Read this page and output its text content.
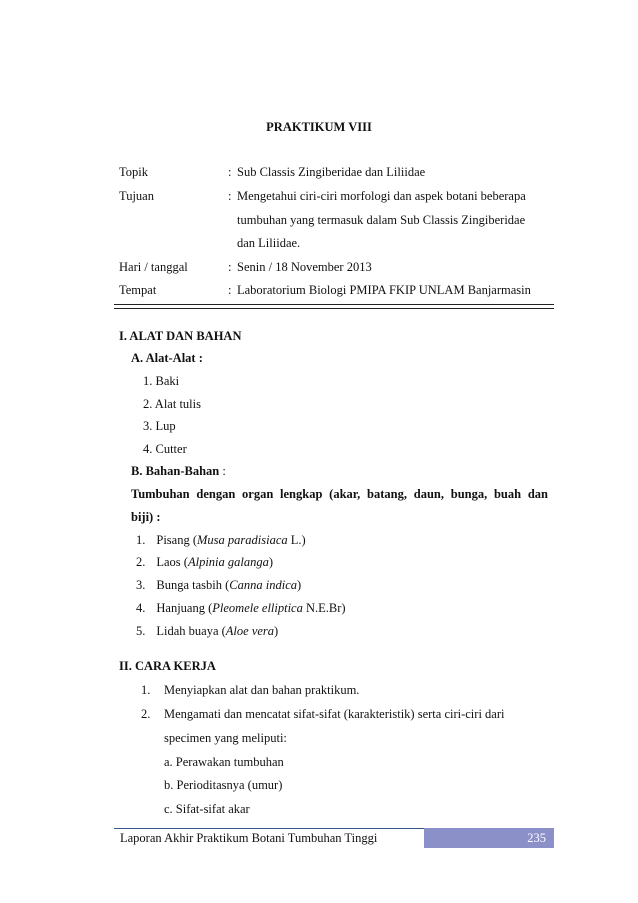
PRAKTIKUM VIII
Topik	: Sub Classis Zingiberidae dan Liliidae
Tujuan	: Mengetahui ciri-ciri morfologi dan aspek botani beberapa
tumbuhan yang termasuk dalam Sub Classis Zingiberidae
dan Liliidae.
Hari / tanggal	: Senin / 18 November 2013
Tempat	: Laboratorium Biologi PMIPA FKIP UNLAM Banjarmasin
I. ALAT DAN BAHAN
A. Alat-Alat :
1. Baki
2. Alat tulis
3. Lup
4. Cutter
B. Bahan-Bahan :
Tumbuhan dengan organ lengkap (akar, batang, daun, bunga, buah dan
biji) :
1. Pisang (Musa paradisiaca L.)
2. Laos (Alpinia galanga)
3. Bunga tasbih (Canna indica)
4. Hanjuang (Pleomele elliptica N.E.Br)
5. Lidah buaya (Aloe vera)
II. CARA KERJA
1. Menyiapkan alat dan bahan praktikum.
2. Mengamati dan mencatat sifat-sifat (karakteristik) serta ciri-ciri dari
specimen yang meliputi:
a. Perawakan tumbuhan
b. Perioditasnya (umur)
c. Sifat-sifat akar
Laporan Akhir Praktikum Botani Tumbuhan Tinggi	235
